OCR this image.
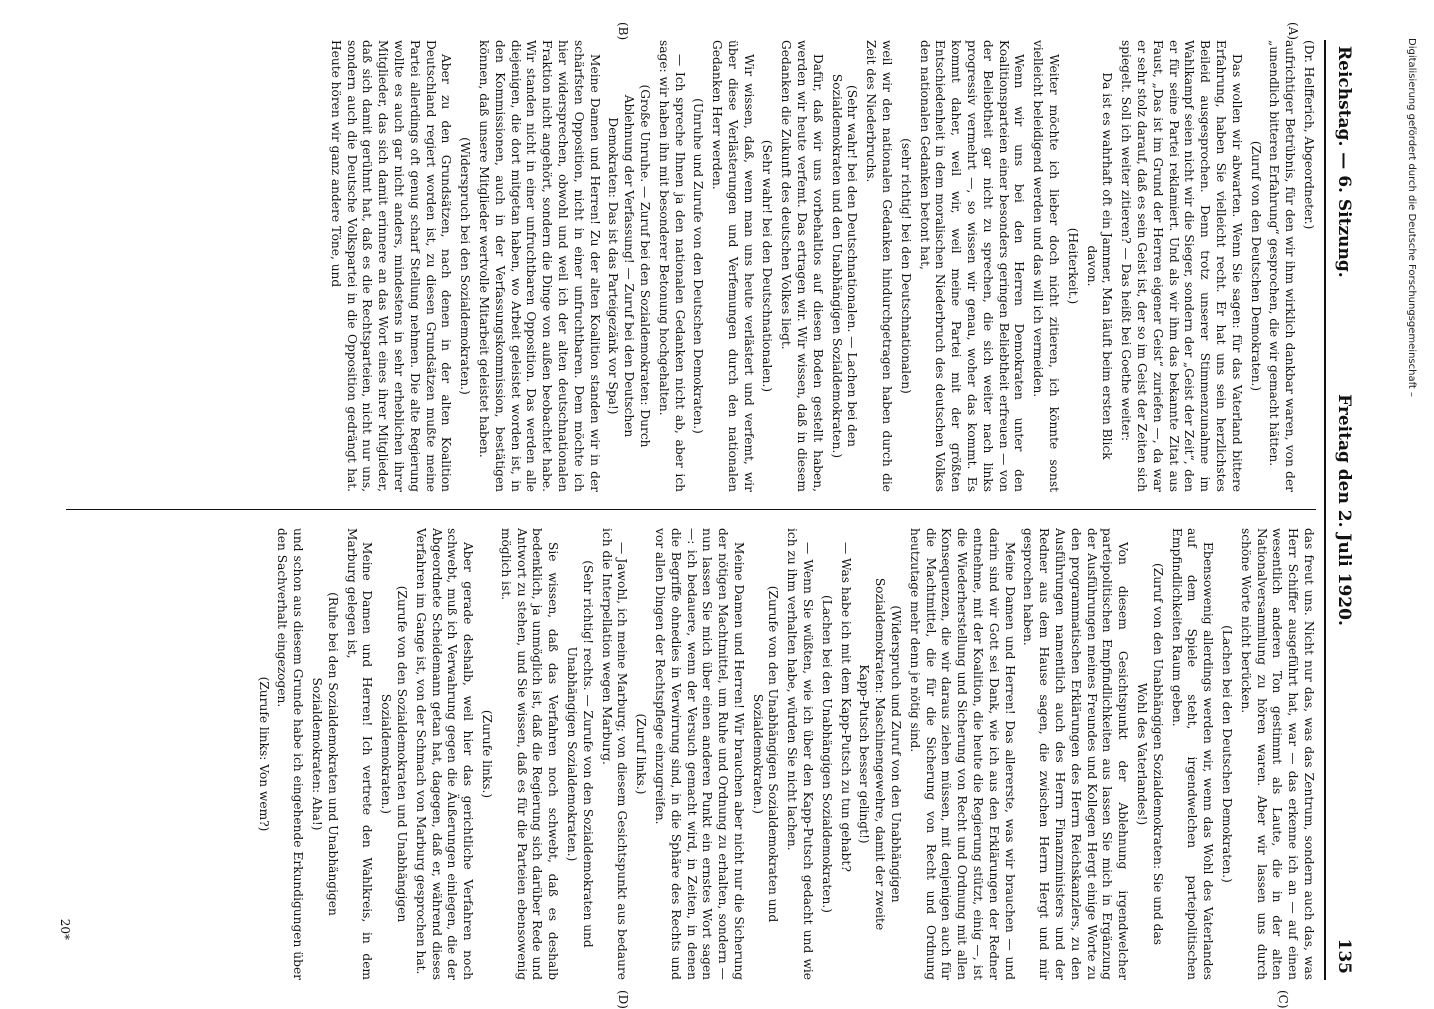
Reichstag. — 6. Sitzung.
Freitag den 2. Juli 1920.
135
(A)
(B)
(C)
(D)

(Dr. Helfferich, Abgeordneter.)

aufrichtiger Betrübnis, für den wir ihm wirklich dankbar waren, von der „unendlich bitteren Erfahrung“ gesprochen, die wir gemacht hätten.

(Zuruf von den Deutschen Demokraten.)

Das wollen wir abwarten. Wenn Sie sagen: für das Vaterland bittere Erfahrung, haben Sie vielleicht recht. Er hat uns sein herzlichstes Beileid ausgesprochen. Denn trotz unserer Stimmenzunahme im Wahlkampf seien nicht wir die Sieger, sondern der „Geist der Zeit“, den er für seine Partei reklamiert. Und als wir ihm das bekannte Zitat aus Faust, „Das ist im Grund der Herren eigener Geist“ zuriefen —, da war er sehr stolz darauf, daß es sein Geist ist, der so im Geist der Zeiten sich spiegelt. Soll ich weiter zitieren? — Das heißt bei Goethe weiter:

Da ist es wahrhaft oft ein Jammer, Man läuft beim ersten Blick davon.

(Heiterkeit.)

Weiter möchte ich lieber doch nicht zitieren, ich könnte sonst vielleicht beleidigend werden und das will ich vermeiden.

Wenn wir uns bei den Herren Demokraten unter den Koalitionsparteien einer besonders geringen Beliebtheit erfreuen — von der Beliebtheit gar nicht zu sprechen, die sich weiter nach links progressiv vermehrt —, so wissen wir genau, woher das kommt. Es kommt daher, weil wir, weil meine Partei mit der größten Entschiedenheit in dem moralischen Niederbruch des deutschen Volkes den nationalen Gedanken betont hat,

(sehr richtig! bei den Deutschnationalen)

weil wir den nationalen Gedanken hindurchgetragen haben durch die Zeit des Niederbruchs.

(Sehr wahr! bei den Deutschnationalen. — Lachen bei den Sozialdemokraten und den Unabhängigen Sozialdemokraten.)

Dafür, daß wir uns vorbehaltlos auf diesen Boden gestellt haben, werden wir heute verfemt. Das ertragen wir. Wir wissen, daß in diesem Gedanken die Zukunft des deutschen Volkes liegt.

(Sehr wahr! bei den Deutschnationalen.)

Wir wissen, daß, wenn man uns heute verlästert und verfemt, wir über diese Verlästerungen und Verfemungen durch den nationalen Gedanken Herr werden.

(Unruhe und Zurufe von den Deutschen Demokraten.)

— Ich spreche Ihnen ja den nationalen Gedanken nicht ab, aber ich sage: wir haben ihn mit besonderer Betonung hochgehalten.

(Große Unruhe. — Zuruf bei den Sozialdemokraten: Durch Ablehnung der Verfassung! — Zuruf bei den Deutschen Demokraten: Das ist das Parteigezänk vor Spa!)

Meine Damen und Herren! Zu der alten Koalition standen wir in der schärfsten Opposition, nicht in einer unfruchtbaren. Dem möchte ich hier widersprechen, obwohl und weil ich der alten deutschnationalen Fraktion nicht angehört, sondern die Dinge von außen beobachtet habe. Wir standen nicht in einer unfruchtbaren Opposition. Das werden alle diejenigen, die dort mitgetan haben, wo Arbeit geleistet worden ist, in den Kommissionen, auch in der Verfassungskommission, bestätigen können, daß unsere Mitglieder wertvolle Mitarbeit geleistet haben.

(Widerspruch bei den Sozialdemokraten.)

Aber zu den Grundsätzen, nach denen in der alten Koalition Deutschland regiert worden ist, zu diesen Grundsätzen mußte meine Partei allerdings oft genug scharf Stellung nehmen. Die alte Regierung wollte es auch gar nicht anders, mindestens in sehr erheblichen ihrer Mitglieder, das sich damit erinnere an das Wort eines ihrer Mitglieder, daß sich damit gerühmt hat, daß es die Rechtsparteien, nicht nur uns, sondern auch die Deutsche Volkspartei in die Opposition gedrängt hat. Heute hören wir ganz andere Töne, und

das freut uns. Nicht nur das, was das Zentrum, sondern auch das, was Herr Schiffer ausgeführt hat, war — das erkenne ich an — auf einen wesentlich anderen Ton gestimmt als Laute, die in der alten Nationalversammlung zu hören waren. Aber wir lassen uns durch schöne Worte nicht berücken.

(Lachen bei den Deutschen Demokraten.)

Ebensowenig allerdings werden wir, wenn das Wohl des Vaterlandes auf dem Spiele steht, irgendwelchen parteipolitischen Empfindlichkeiten Raum geben.

(Zuruf von den Unabhängigen Sozialdemokraten: Sie und das Wohl des Vaterlandes!)

Von diesem Gesichtspunkt der Ablehnung irgendwelcher parteipolitischen Empfindlichkeiten aus lassen Sie mich in Ergänzung der Ausführungen meines Freundes und Kollegen Hergt einige Worte zu den programmatischen Erklärungen des Herrn Reichskanzlers, zu den Ausführungen namentlich auch des Herrn Finanzministers und der Redner aus dem Hause sagen, die zwischen Herrn Hergt und mir gesprochen haben.

Meine Damen und Herren! Das allererste, was wir brauchen — und darin sind wir Gott sei Dank, wie ich aus den Erklärungen der Redner entnehme, mit der Koalition, die heute die Regierung stützt, einig —, ist die Wiederherstellung und Sicherung von Recht und Ordnung mit allen Konsequenzen, die wir daraus ziehen müssen, mit denjenigen auch für die Machtmittel, die für die Sicherung von Recht und Ordnung heutzutage mehr denn je nötig sind.

(Widerspruch und Zuruf von den Unabhängigen Sozialdemokraten: Maschinengewehre, damit der zweite Kapp-Putsch besser gelingt!)

— Was habe ich mit dem Kapp-Putsch zu tun gehabt?

(Lachen bei den Unabhängigen Sozialdemokraten.)

— Wenn Sie wüßten, wie ich über den Kapp-Putsch gedacht und wie ich zu ihm verhalten habe, würden Sie nicht lachen.

(Zurufe von den Unabhängigen Sozialdemokraten und Sozialdemokraten.)

Meine Damen und Herren! Wir brauchen aber nicht nur die Sicherung der nötigen Machtmittel, um Ruhe und Ordnung zu erhalten, sondern — nun lassen Sie mich über einen anderen Punkt ein ernstes Wort sagen —: ich bedauere, wenn der Versuch gemacht wird, in Zeiten, in denen die Begriffe ohnedies in Verwirrung sind, in die Sphäre des Rechts und vor allen Dingen der Rechtspflege einzugreifen.

(Zuruf links.)

— Jawohl, ich meine Marburg; von diesem Gesichtspunkt aus bedaure ich die Interpellation wegen Marburg.

(Sehr richtig! rechts. — Zurufe von den Sozialdemokraten und Unabhängigen Sozialdemokraten.)

Sie wissen, daß das Verfahren noch schwebt, daß es deshalb bedenklich, ja unmöglich ist, daß die Regierung sich darüber Rede und Antwort zu stehen, und Sie wissen, daß es für die Parteien ebensowenig möglich ist.

(Zurufe links.)

Aber gerade deshalb, weil hier das gerichtliche Verfahren noch schwebt, muß ich Verwahrung gegen die Äußerungen einlegen, die der Abgeordnete Scheidemann getan hat, dagegen, daß er, während dieses Verfahren im Gange ist, von der Schmach von Marburg gesprochen hat.

(Zurufe von den Sozialdemokraten und Unabhängigen Sozialdemokraten.)

Meine Damen und Herren! Ich vertrete den Wahlkreis, in dem Marburg gelegen ist,

(Ruhe bei den Sozialdemokraten und Unabhängigen Sozialdemokraten: Aha!)

und schon aus diesem Grunde habe ich eingehende Erkundigungen über den Sachverhalt eingezogen.

(Zurufe links: Von wem?)

20*
Digitalisierung gefördert durch die Deutsche Forschungsgemeinschaft –
